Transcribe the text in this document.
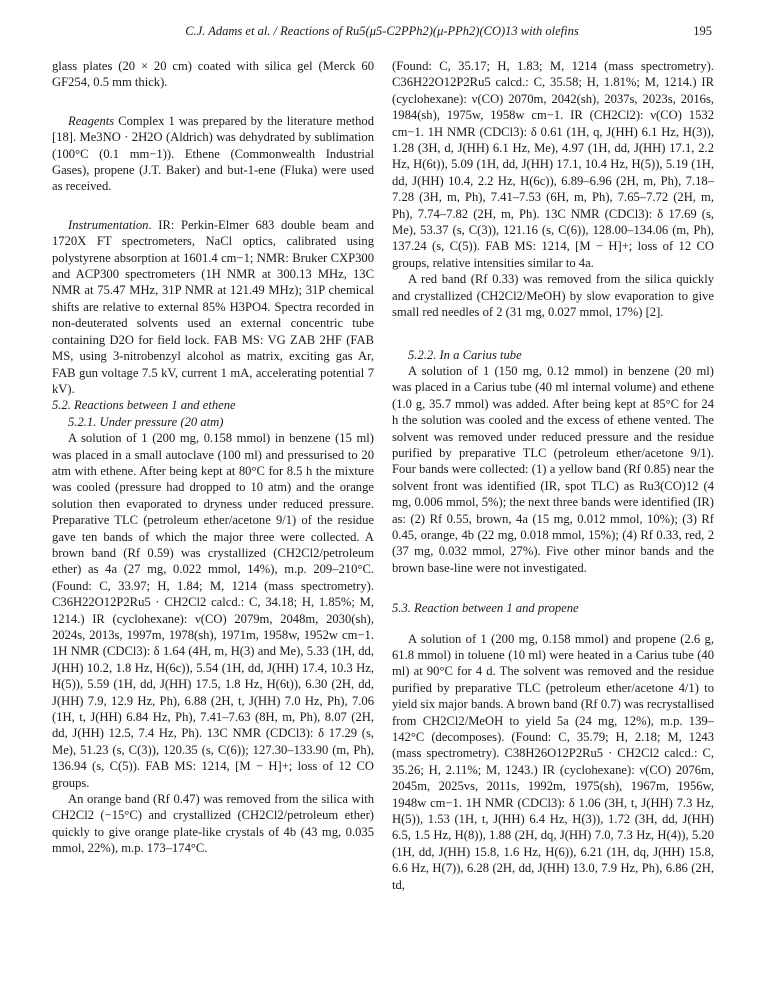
C.J. Adams et al. / Reactions of Ru5(μ5-C2PPh2)(μ-PPh2)(CO)13 with olefins	195

glass plates (20 × 20 cm) coated with silica gel (Merck 60 GF254, 0.5 mm thick).

Reagents Complex 1 was prepared by the literature method [18]. Me3NO · 2H2O (Aldrich) was dehydrated by sublimation (100°C (0.1 mm−1)). Ethene (Commonwealth Industrial Gases), propene (J.T. Baker) and but-1-ene (Fluka) were used as received.

Instrumentation. IR: Perkin-Elmer 683 double beam and 1720X FT spectrometers, NaCl optics, calibrated using polystyrene absorption at 1601.4 cm−1; NMR: Bruker CXP300 and ACP300 spectrometers (1H NMR at 300.13 MHz, 13C NMR at 75.47 MHz, 31P NMR at 121.49 MHz); 31P chemical shifts are relative to external 85% H3PO4. Spectra recorded in non-deuterated solvents used an external concentric tube containing D2O for field lock. FAB MS: VG ZAB 2HF (FAB MS, using 3-nitrobenzyl alcohol as matrix, exciting gas Ar, FAB gun voltage 7.5 kV, current 1 mA, accelerating potential 7 kV).

5.2. Reactions between 1 and ethene

5.2.1. Under pressure (20 atm)

A solution of 1 (200 mg, 0.158 mmol) in benzene (15 ml) was placed in a small autoclave (100 ml) and pressurised to 20 atm with ethene. After being kept at 80°C for 8.5 h the mixture was cooled (pressure had dropped to 10 atm) and the orange solution then evaporated to dryness under reduced pressure. Preparative TLC (petroleum ether/acetone 9/1) of the residue gave ten bands of which the major three were collected. A brown band (Rf 0.59) was crystallized (CH2Cl2/petroleum ether) as 4a (27 mg, 0.022 mmol, 14%), m.p. 209–210°C. (Found: C, 33.97; H, 1.84; M, 1214 (mass spectrometry). C36H22O12P2Ru5 · CH2Cl2 calcd.: C, 34.18; H, 1.85%; M, 1214.) IR (cyclohexane): ν(CO) 2079m, 2048m, 2030(sh), 2024s, 2013s, 1997m, 1978(sh), 1971m, 1958w, 1952w cm−1. 1H NMR (CDCl3): δ 1.64 (4H, m, H(3) and Me), 5.33 (1H, dd, J(HH) 10.2, 1.8 Hz, H(6c)), 5.54 (1H, dd, J(HH) 17.4, 10.3 Hz, H(5)), 5.59 (1H, dd, J(HH) 17.5, 1.8 Hz, H(6t)), 6.30 (2H, dd, J(HH) 7.9, 12.9 Hz, Ph), 6.88 (2H, t, J(HH) 7.0 Hz, Ph), 7.06 (1H, t, J(HH) 6.84 Hz, Ph), 7.41–7.63 (8H, m, Ph), 8.07 (2H, dd, J(HH) 12.5, 7.4 Hz, Ph). 13C NMR (CDCl3): δ 17.29 (s, Me), 51.23 (s, C(3)), 120.35 (s, C(6)); 127.30–133.90 (m, Ph), 136.94 (s, C(5)). FAB MS: 1214, [M − H]+; loss of 12 CO groups.

An orange band (Rf 0.47) was removed from the silica with CH2Cl2 (−15°C) and crystallized (CH2Cl2/petroleum ether) quickly to give orange plate-like crystals of 4b (43 mg, 0.035 mmol, 22%), m.p. 173–174°C.

(Found: C, 35.17; H, 1.83; M, 1214 (mass spectrometry). C36H22O12P2Ru5 calcd.: C, 35.58; H, 1.81%; M, 1214.) IR (cyclohexane): ν(CO) 2070m, 2042(sh), 2037s, 2023s, 2016s, 1984(sh), 1975w, 1958w cm−1. IR (CH2Cl2): ν(CO) 1532 cm−1. 1H NMR (CDCl3): δ 0.61 (1H, q, J(HH) 6.1 Hz, H(3)), 1.28 (3H, d, J(HH) 6.1 Hz, Me), 4.97 (1H, dd, J(HH) 17.1, 2.2 Hz, H(6t)), 5.09 (1H, dd, J(HH) 17.1, 10.4 Hz, H(5)), 5.19 (1H, dd, J(HH) 10.4, 2.2 Hz, H(6c)), 6.89–6.96 (2H, m, Ph), 7.18–7.28 (3H, m, Ph), 7.41–7.53 (6H, m, Ph), 7.65–7.72 (2H, m, Ph), 7.74–7.82 (2H, m, Ph). 13C NMR (CDCl3): δ 17.69 (s, Me), 53.37 (s, C(3)), 121.16 (s, C(6)), 128.00–134.06 (m, Ph), 137.24 (s, C(5)). FAB MS: 1214, [M − H]+; loss of 12 CO groups, relative intensities similar to 4a.

A red band (Rf 0.33) was removed from the silica quickly and crystallized (CH2Cl2/MeOH) by slow evaporation to give small red needles of 2 (31 mg, 0.027 mmol, 17%) [2].

5.2.2. In a Carius tube

A solution of 1 (150 mg, 0.12 mmol) in benzene (20 ml) was placed in a Carius tube (40 ml internal volume) and ethene (1.0 g, 35.7 mmol) was added. After being kept at 85°C for 24 h the solution was cooled and the excess of ethene vented. The solvent was removed under reduced pressure and the residue purified by preparative TLC (petroleum ether/acetone 9/1). Four bands were collected: (1) a yellow band (Rf 0.85) near the solvent front was identified (IR, spot TLC) as Ru3(CO)12 (4 mg, 0.006 mmol, 5%); the next three bands were identified (IR) as: (2) Rf 0.55, brown, 4a (15 mg, 0.012 mmol, 10%); (3) Rf 0.45, orange, 4b (22 mg, 0.018 mmol, 15%); (4) Rf 0.33, red, 2 (37 mg, 0.032 mmol, 27%). Five other minor bands and the brown base-line were not investigated.

5.3. Reaction between 1 and propene

A solution of 1 (200 mg, 0.158 mmol) and propene (2.6 g, 61.8 mmol) in toluene (10 ml) were heated in a Carius tube (40 ml) at 90°C for 4 d. The solvent was removed and the residue purified by preparative TLC (petroleum ether/acetone 4/1) to yield six major bands. A brown band (Rf 0.7) was recrystallised from CH2Cl2/MeOH to yield 5a (24 mg, 12%), m.p. 139–142°C (decomposes). (Found: C, 35.79; H, 2.18; M, 1243 (mass spectrometry). C38H26O12P2Ru5 · CH2Cl2 calcd.: C, 35.26; H, 2.11%; M, 1243.) IR (cyclohexane): ν(CO) 2076m, 2045m, 2025vs, 2011s, 1992m, 1975(sh), 1967m, 1956w, 1948w cm−1. 1H NMR (CDCl3): δ 1.06 (3H, t, J(HH) 7.3 Hz, H(5)), 1.53 (1H, t, J(HH) 6.4 Hz, H(3)), 1.72 (3H, dd, J(HH) 6.5, 1.5 Hz, H(8)), 1.88 (2H, dq, J(HH) 7.0, 7.3 Hz, H(4)), 5.20 (1H, dd, J(HH) 15.8, 1.6 Hz, H(6)), 6.21 (1H, dq, J(HH) 15.8, 6.6 Hz, H(7)), 6.28 (2H, dd, J(HH) 13.0, 7.9 Hz, Ph), 6.86 (2H, td,
